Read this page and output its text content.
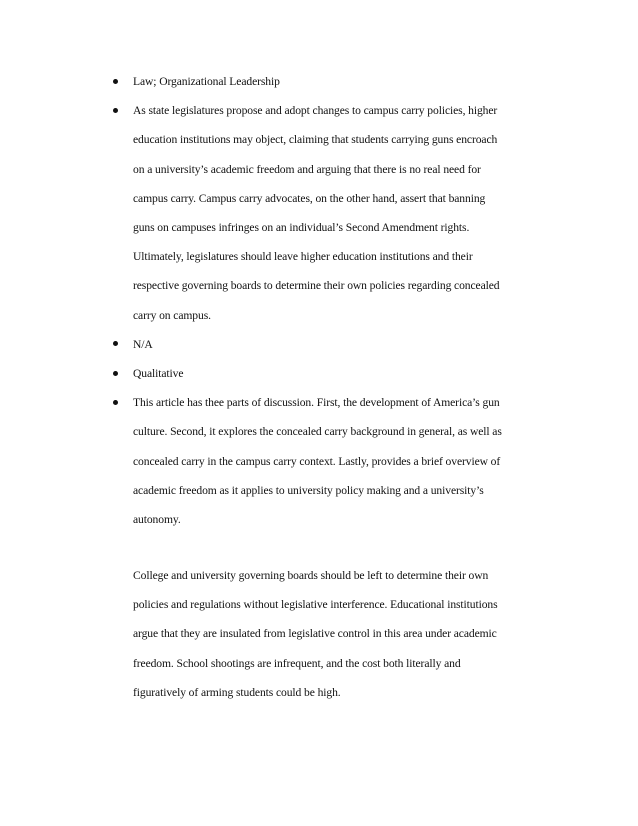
Law; Organizational Leadership
As state legislatures propose and adopt changes to campus carry policies, higher
education institutions may object, claiming that students carrying guns encroach
on a university’s academic freedom and arguing that there is no real need for
campus carry. Campus carry advocates, on the other hand, assert that banning
guns on campuses infringes on an individual’s Second Amendment rights.
Ultimately, legislatures should leave higher education institutions and their
respective governing boards to determine their own policies regarding concealed
carry on campus.
N/A
Qualitative
This article has thee parts of discussion. First, the development of America’s gun
culture. Second, it explores the concealed carry background in general, as well as
concealed carry in the campus carry context. Lastly, provides a brief overview of
academic freedom as it applies to university policy making and a university’s
autonomy.
College and university governing boards should be left to determine their own
policies and regulations without legislative interference. Educational institutions
argue that they are insulated from legislative control in this area under academic
freedom. School shootings are infrequent, and the cost both literally and
figuratively of arming students could be high.
